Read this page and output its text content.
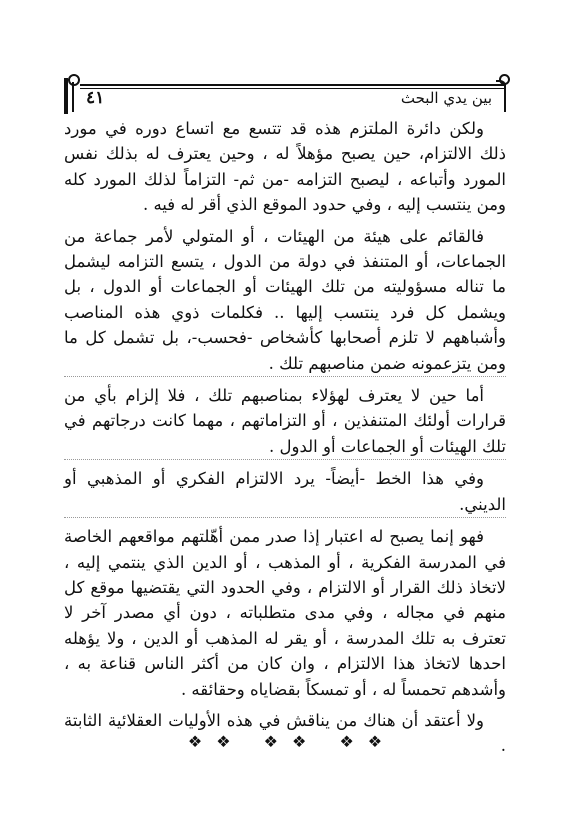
٤١	بين يدي البحث

ولكن دائرة الملتزم هذه قد تتسع مع اتساع دوره في مورد ذلك الالتزام، حين يصبح مؤهلاً له ، وحين يعترف له بذلك نفس المورد وأتباعه ، ليصبح التزامه -من ثم- التزاماً لذلك المورد كله ومن ينتسب إليه ، وفي حدود الموقع الذي أقر له فيه .

فالقائم على هيئة من الهيئات ، أو المتولي لأمر جماعة من الجماعات، أو المتنفذ في دولة من الدول ، يتسع التزامه ليشمل ما تناله مسؤوليته من تلك الهيئات أو الجماعات أو الدول ، بل ويشمل كل فرد ينتسب إليها .. فكلمات ذوي هذه المناصب وأشباههم لا تلزم أصحابها كأشخاص -فحسب-، بل تشمل كل ما ومن يتزعمونه ضمن مناصبهم تلك .

أما حين لا يعترف لهؤلاء بمناصبهم تلك ، فلا إلزام بأي من قرارات أولئك المتنفذين ، أو التزاماتهم ، مهما كانت درجاتهم في تلك الهيئات أو الجماعات أو الدول .

وفي هذا الخط -أيضاً- يرد الالتزام الفكري أو المذهبي أو الديني.

فهو إنما يصبح له اعتبار إذا صدر ممن أهّلتهم مواقعهم الخاصة في المدرسة الفكرية ، أو المذهب ، أو الدين الذي ينتمي إليه ، لاتخاذ ذلك القرار أو الالتزام ، وفي الحدود التي يقتضيها موقع كل منهم في مجاله ، وفي مدى متطلباته ، دون أي مصدر آخر لا تعترف به تلك المدرسة ، أو يقر له المذهب أو الدين ، ولا يؤهله احدها لاتخاذ هذا الالتزام ، وان كان من أكثر الناس قناعة به ، وأشدهم تحمساً له ، أو تمسكاً بقضاياه وحقائقه .

ولا أعتقد أن هناك من يناقش في هذه الأوليات العقلائية الثابتة .

❖❖ ❖❖ ❖❖
